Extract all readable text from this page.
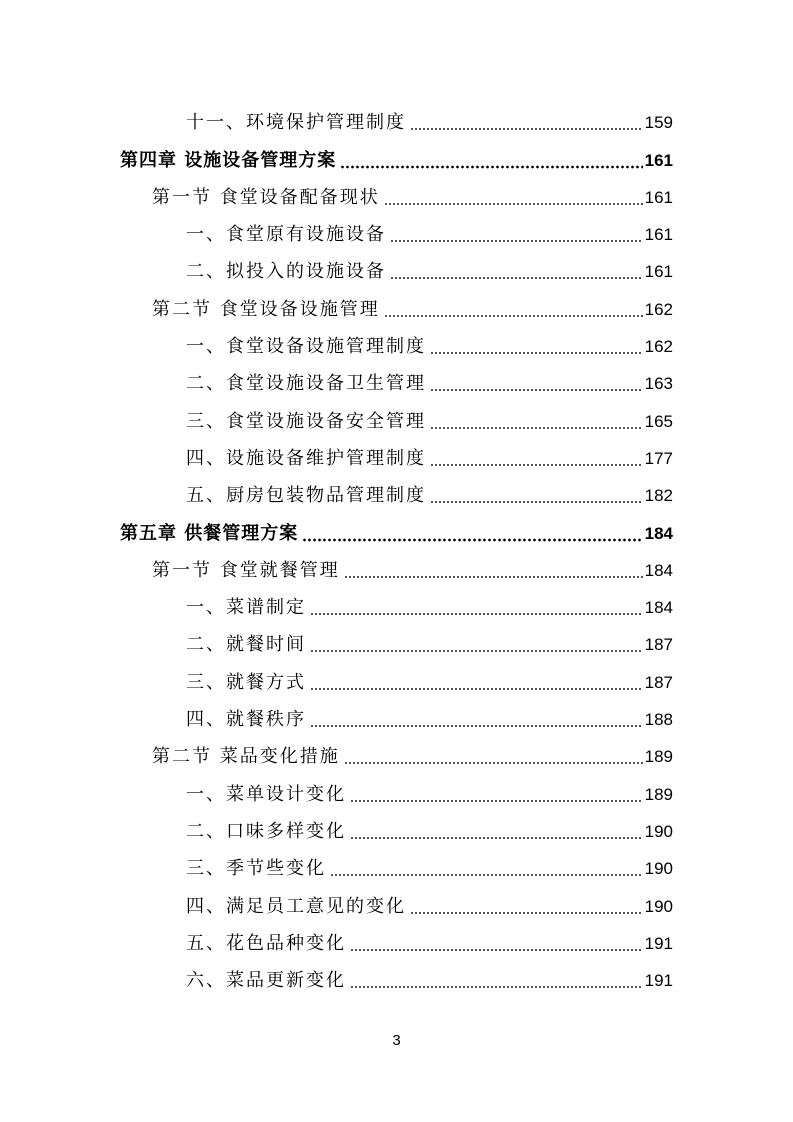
十一、环境保护管理制度	159
第四章 设施设备管理方案	161
第一节 食堂设备配备现状	161
一、食堂原有设施设备	161
二、拟投入的设施设备	161
第二节 食堂设备设施管理	162
一、食堂设备设施管理制度	162
二、食堂设施设备卫生管理	163
三、食堂设施设备安全管理	165
四、设施设备维护管理制度	177
五、厨房包装物品管理制度	182
第五章 供餐管理方案	184
第一节 食堂就餐管理	184
一、菜谱制定	184
二、就餐时间	187
三、就餐方式	187
四、就餐秩序	188
第二节 菜品变化措施	189
一、菜单设计变化	189
二、口味多样变化	190
三、季节些变化	190
四、满足员工意见的变化	190
五、花色品种变化	191
六、菜品更新变化	191
3
